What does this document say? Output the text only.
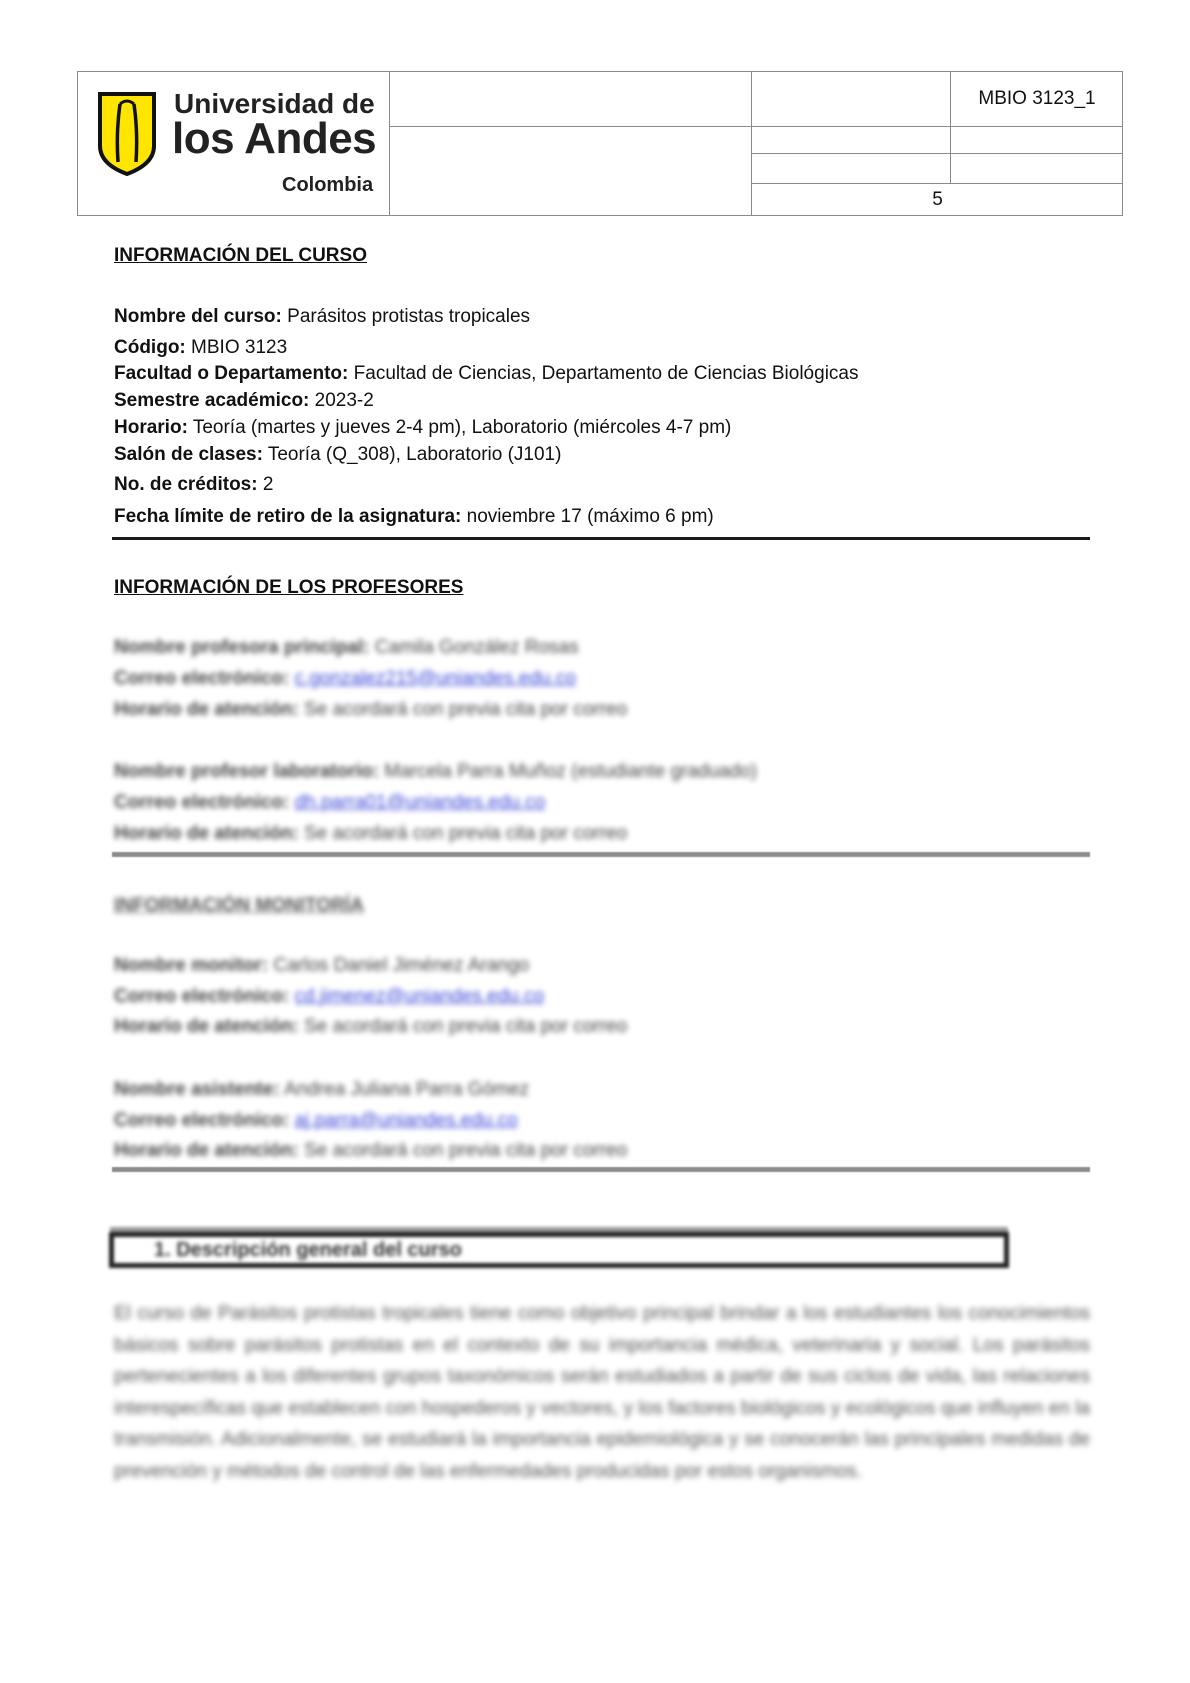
Universidad de
los Andes
Colombia
MBIO 3123_1
5
INFORMACIÓN DEL CURSO
Nombre del curso: Parásitos protistas tropicales
Código: MBIO 3123
Facultad o Departamento: Facultad de Ciencias, Departamento de Ciencias Biológicas
Semestre académico: 2023-2
Horario: Teoría (martes y jueves 2-4 pm), Laboratorio (miércoles 4-7 pm)
Salón de clases: Teoría (Q_308), Laboratorio (J101)
No. de créditos: 2
Fecha límite de retiro de la asignatura: noviembre 17 (máximo 6 pm)
INFORMACIÓN DE LOS PROFESORES
Nombre profesora principal: Camila González Rosas
Correo electrónico: c.gonzalez215@uniandes.edu.co
Horario de atención: Se acordará con previa cita por correo
Nombre profesor laboratorio: Marcela Parra Muñoz (estudiante graduado)
Correo electrónico: dh.parra01@uniandes.edu.co
Horario de atención: Se acordará con previa cita por correo
INFORMACIÓN MONITORÍA
Nombre monitor: Carlos Daniel Jiménez Arango
Correo electrónico: cd.jimenez@uniandes.edu.co
Horario de atención: Se acordará con previa cita por correo
Nombre asistente: Andrea Juliana Parra Gómez
Correo electrónico: aj.parra@uniandes.edu.co
Horario de atención: Se acordará con previa cita por correo
1. Descripción general del curso
El curso de Parásitos protistas tropicales tiene como objetivo principal brindar a los estudiantes los conocimientos básicos sobre parásitos protistas en el contexto de su importancia médica, veterinaria y social. Los parásitos pertenecientes a los diferentes grupos taxonómicos serán estudiados a partir de sus ciclos de vida, las relaciones interespecíficas que establecen con hospederos y vectores, y los factores biológicos y ecológicos que influyen en la transmisión. Adicionalmente, se estudiará la importancia epidemiológica y se conocerán las principales medidas de prevención y métodos de control de las enfermedades producidas por estos organismos.
